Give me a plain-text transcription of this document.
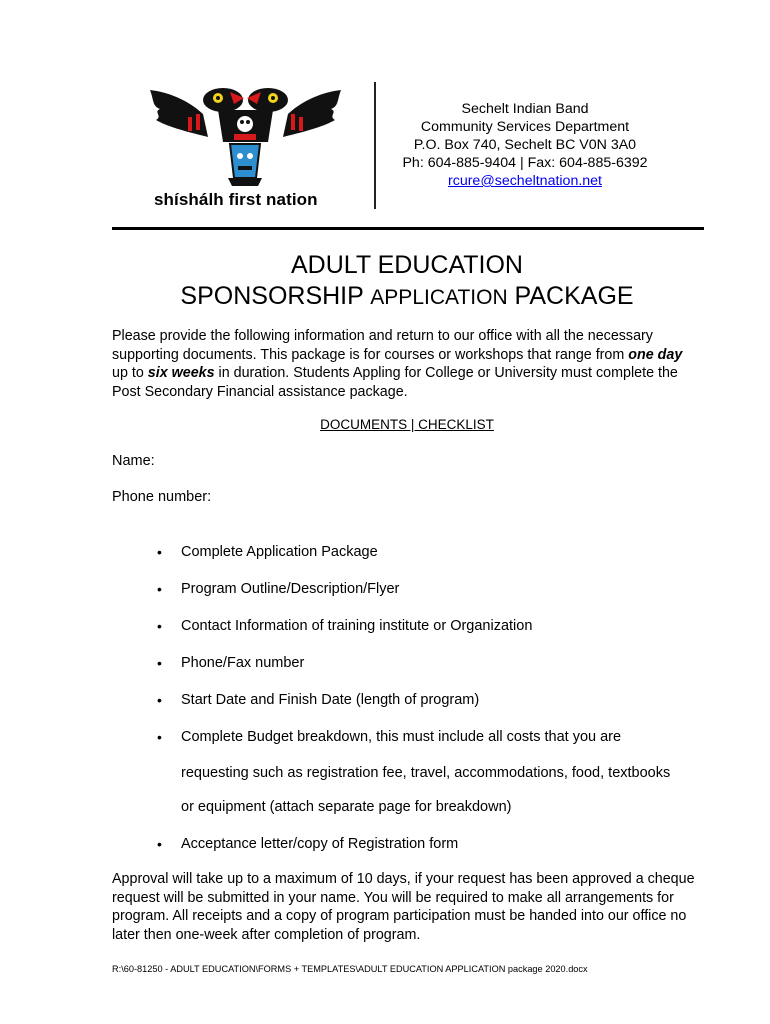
shíshálh first nation
Sechelt Indian Band
Community Services Department
P.O. Box 740, Sechelt BC V0N 3A0
Ph: 604-885-9404 | Fax: 604-885-6392
rcure@secheltnation.net
ADULT EDUCATION
SPONSORSHIP APPLICATION PACKAGE
Please provide the following information and return to our office with all the necessary supporting documents. This package is for courses or workshops that range from one day up to six weeks in duration. Students Appling for College or University must complete the Post Secondary Financial assistance package.
DOCUMENTS | CHECKLIST
Name:
Phone number:
•	Complete Application Package
•	Program Outline/Description/Flyer
•	Contact Information of training institute or Organization
•	Phone/Fax number
•	Start Date and Finish Date (length of program)
•	Complete Budget breakdown, this must include all costs that you are
requesting such as registration fee, travel, accommodations, food, textbooks
or equipment (attach separate page for breakdown)
•	Acceptance letter/copy of Registration form
Approval will take up to a maximum of 10 days, if your request has been approved a cheque request will be submitted in your name. You will be required to make all arrangements for program. All receipts and a copy of program participation must be handed into our office no later then one-week after completion of program.
R:\60-81250 - ADULT EDUCATION\FORMS + TEMPLATES\ADULT EDUCATION APPLICATION package 2020.docx
